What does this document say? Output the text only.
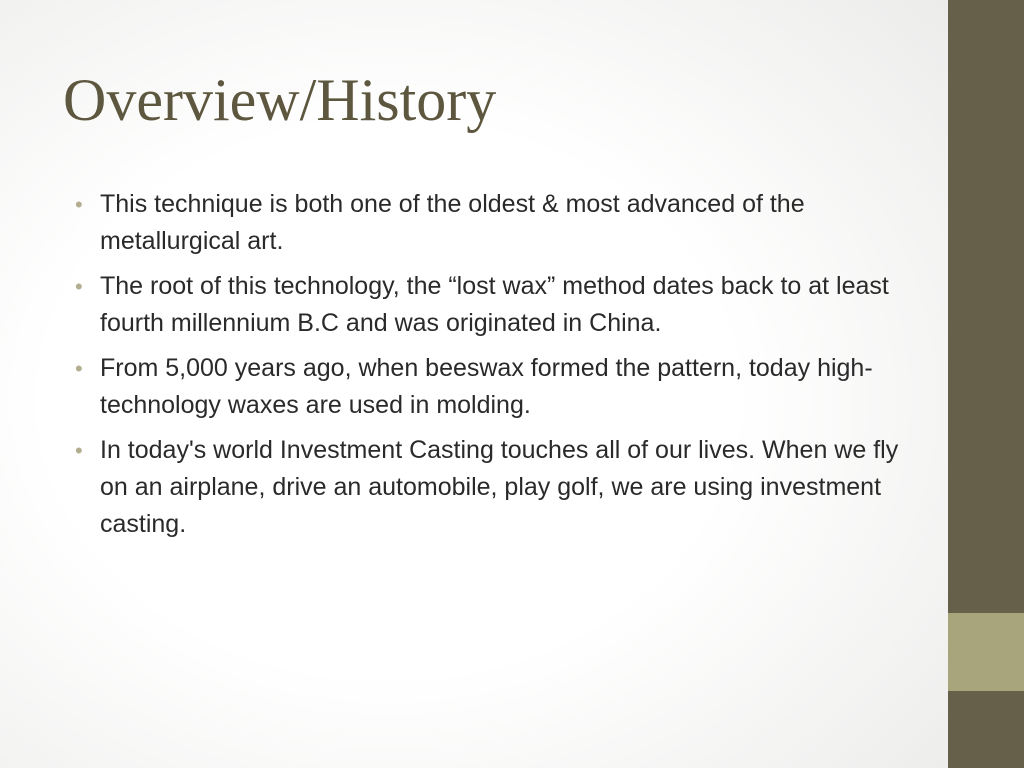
Overview/History
• This technique is both one of the oldest & most advanced of the metallurgical art.
• The root of this technology, the “lost wax” method dates back to at least fourth millennium B.C and was originated in China.
• From 5,000 years ago, when beeswax formed the pattern, today high-technology waxes are used in molding.
• In today's world Investment Casting touches all of our lives. When we fly on an airplane, drive an automobile, play golf, we are using investment casting.
